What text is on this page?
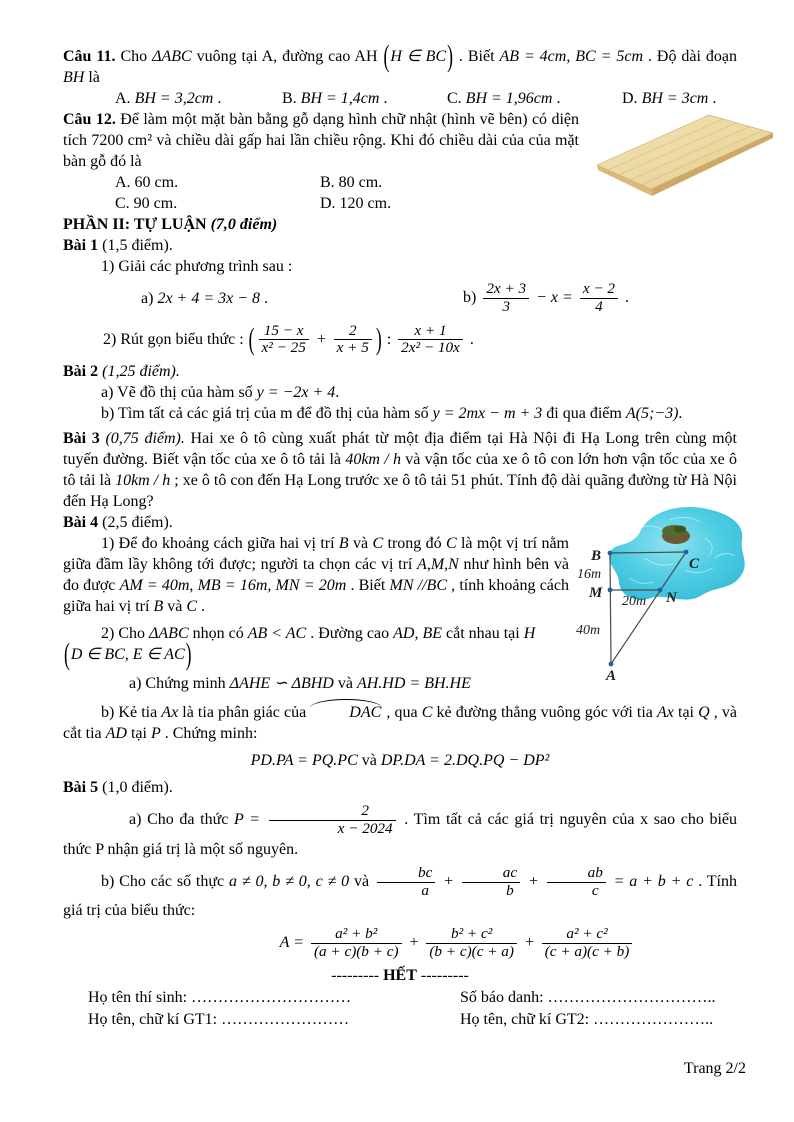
Câu 11. Cho ΔABC vuông tại A, đường cao AH (H ∈ BC) . Biết AB = 4cm, BC = 5cm . Độ dài đoạn BH là

A. BH = 3,2cm .	B. BH = 1,4cm .	C. BH = 1,96cm .	D. BH = 3cm .

Câu 12. Để làm một mặt bàn bằng gỗ dạng hình chữ nhật (hình vẽ bên) có diện tích 7200 cm² và chiều dài gấp hai lần chiều rộng. Khi đó chiều dài của của mặt bàn gỗ đó là

A. 60 cm.	B. 80 cm.
C. 90 cm.	D. 120 cm.

PHẦN II: TỰ LUẬN (7,0 điểm)

Bài 1 (1,5 điểm).

1) Giải các phương trình sau :

a) 2x + 4 = 3x − 8 .	$b) \frac{2x + 3}{3} - x = \frac{x - 2}{4}$ .

2) Rút gọn biểu thức : ( $\frac{15 - x}{\text{x² − 25}} + \frac{2}{x + 5}$ ) : $\frac{x + 1}{\text{2x² − 10x}}$ .

Bài 2 (1,25 điểm).

a) Vẽ đồ thị của hàm số y = −2x + 4.

b) Tìm tất cả các giá trị của m để đồ thị của hàm số y = 2mx − m + 3 đi qua điểm A(5;−3).

Bài 3 (0,75 điểm). Hai xe ô tô cùng xuất phát từ một địa điểm tại Hà Nội đi Hạ Long trên cùng một tuyến đường. Biết vận tốc của xe ô tô tải là 40km / h và vận tốc của xe ô tô con lớn hơn vận tốc của xe ô tô tải là 10km / h ; xe ô tô con đến Hạ Long trước xe ô tô tải 51 phút. Tính độ dài quãng đường từ Hà Nội đến Hạ Long?

B	C
M	N
A
16m
20m
40m

Bài 4 (2,5 điểm).

1) Để đo khoảng cách giữa hai vị trí B và C trong đó C là một vị trí nằm giữa đầm lầy không tới được; người ta chọn các vị trí A,M,N như hình bên và đo được AM = 40m, MB = 16m, MN = 20m . Biết MN //BC , tính khoảng cách giữa hai vị trí B và C .

2) Cho ΔABC nhọn có AB < AC . Đường cao AD, BE cắt nhau tại H

(D ∈ BC, E ∈ AC)

a) Chứng minh ΔAHE ∽ ΔBHD và AH.HD = BH.HE

b) Kẻ tia Ax là tia phân giác của DAC , qua C kẻ đường thẳng vuông góc với tia Ax tại Q , và cắt tia AD tại P . Chứng minh:

PD.PA = PQ.PC và DP.DA = 2.DQ.PQ − DP²

Bài 5 (1,0 điểm).

a) Cho đa thức $P = \frac{2}{x - 2024}$ . Tìm tất cả các giá trị nguyên của x sao cho biểu thức P nhận giá trị là một số nguyên.

b) Cho các số thực a ≠ 0, b ≠ 0, c ≠ 0 và $\frac{bc}{a} + \frac{ac}{b} + \frac{ab}{c} = a + b + c$ . Tính giá trị của biểu thức:

$A = \frac{\text{a² + b²}}{(a + c)(b + c)} + \frac{\text{b² + c²}}{(b + c)(c + a)} + \frac{\text{a² + c²}}{(c + a)(c + b)}$

--------- HẾT ---------

Họ tên thí sinh: …………………………	Số báo danh: …………………………..
Họ tên, chữ kí GT1: ……………………	Họ tên, chữ kí GT2: …………………..
Trang 2/2
